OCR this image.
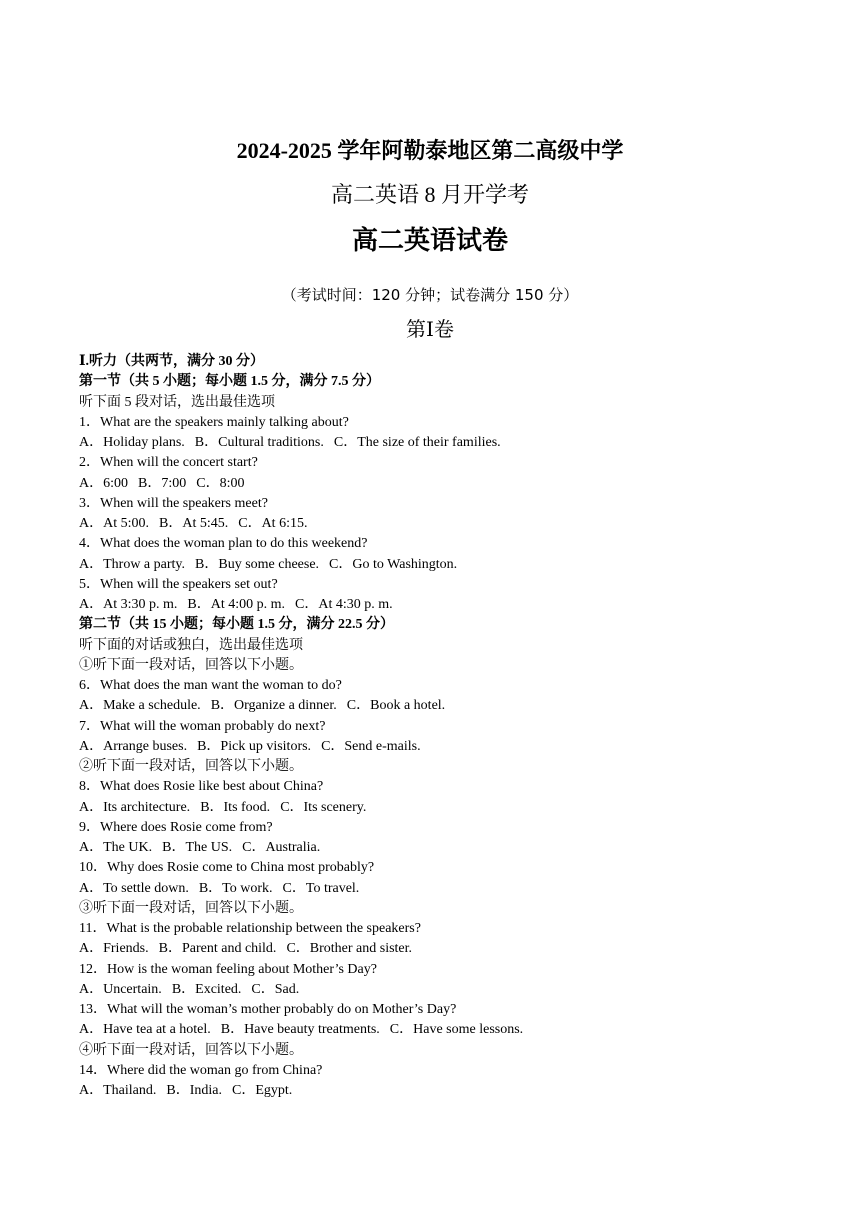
2024-2025 学年阿勒泰地区第二高级中学
高二英语 8 月开学考
高二英语试卷
（考试时间：120 分钟；试卷满分 150 分）
第Ⅰ卷
Ⅰ.听力（共两节，满分 30 分）
第一节（共 5 小题；每小题 1.5 分，满分 7.5 分）
听下面 5 段对话，选出最佳选项
1．What are the speakers mainly talking about?
A．Holiday plans. B．Cultural traditions. C．The size of their families.
2．When will the concert start?
A．6:00 B．7:00 C．8:00
3．When will the speakers meet?
A．At 5:00. B．At 5:45. C．At 6:15.
4．What does the woman plan to do this weekend?
A．Throw a party. B．Buy some cheese. C．Go to Washington.
5．When will the speakers set out?
A．At 3:30 p. m. B．At 4:00 p. m. C．At 4:30 p. m.
第二节（共 15 小题；每小题 1.5 分，满分 22.5 分）
听下面的对话或独白，选出最佳选项
①听下面一段对话，回答以下小题。
6．What does the man want the woman to do?
A．Make a schedule. B．Organize a dinner. C．Book a hotel.
7．What will the woman probably do next?
A．Arrange buses. B．Pick up visitors. C．Send e-mails.
②听下面一段对话，回答以下小题。
8．What does Rosie like best about China?
A．Its architecture. B．Its food. C．Its scenery.
9．Where does Rosie come from?
A．The UK. B．The US. C．Australia.
10．Why does Rosie come to China most probably?
A．To settle down. B．To work. C．To travel.
③听下面一段对话，回答以下小题。
11．What is the probable relationship between the speakers?
A．Friends. B．Parent and child. C．Brother and sister.
12．How is the woman feeling about Mother’s Day?
A．Uncertain. B．Excited. C．Sad.
13．What will the woman’s mother probably do on Mother’s Day?
A．Have tea at a hotel. B．Have beauty treatments. C．Have some lessons.
④听下面一段对话，回答以下小题。
14．Where did the woman go from China?
A．Thailand. B．India. C．Egypt.
